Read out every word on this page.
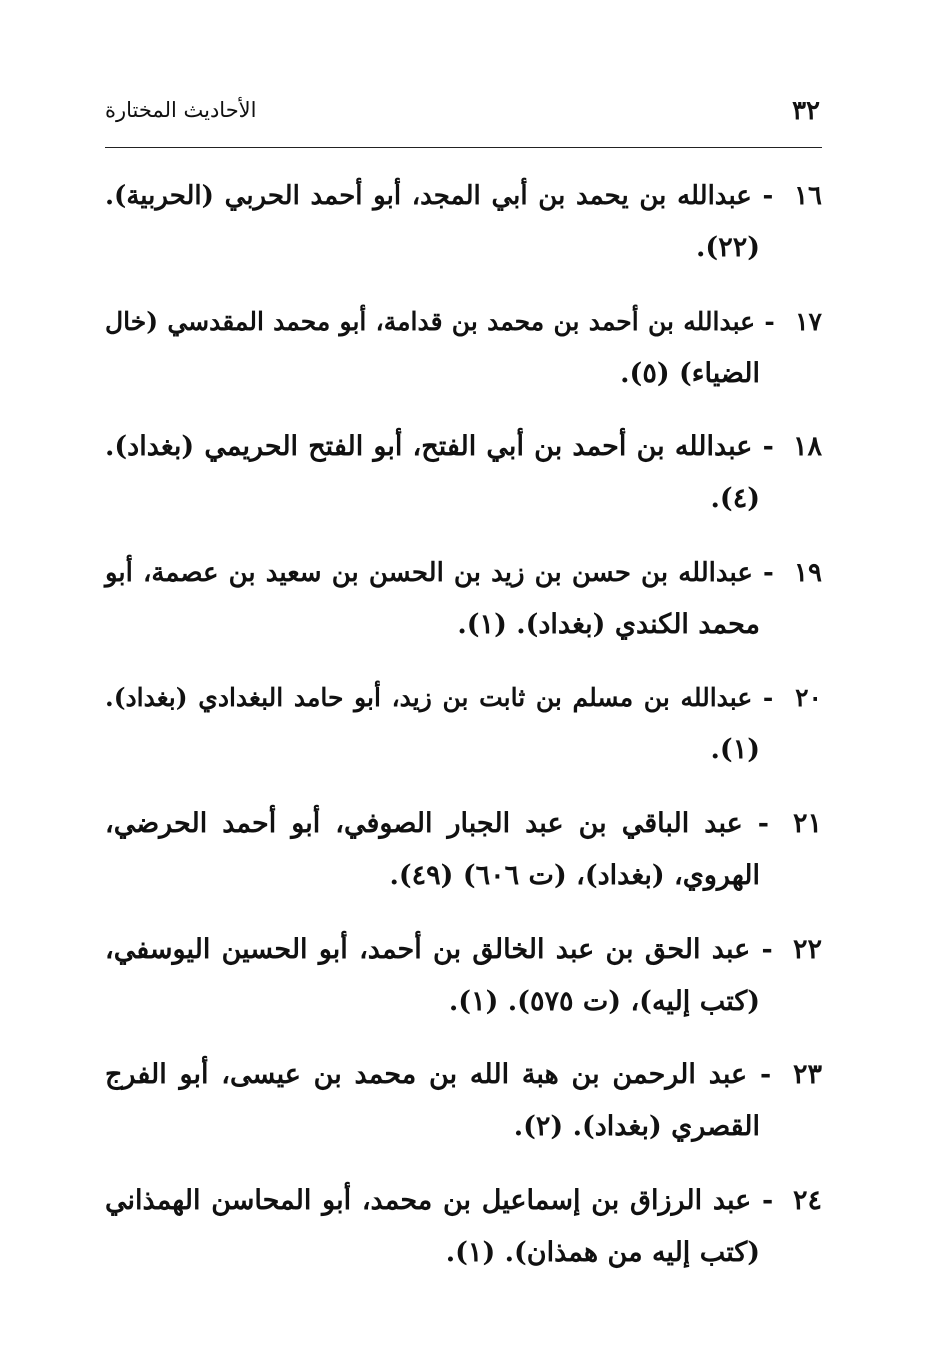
٣٢
الأحاديث المختارة
١٦ - عبدالله بن يحمد بن أبي المجد، أبو أحمد الحربي (الحربية).
(٢٢).
١٧ - عبدالله بن أحمد بن محمد بن قدامة، أبو محمد المقدسي (خال
الضياء) (٥).
١٨ - عبدالله بن أحمد بن أبي الفتح، أبو الفتح الحريمي (بغداد).
(٤).
١٩ - عبدالله بن حسن بن زيد بن الحسن بن سعيد بن عصمة، أبو
محمد الكندي (بغداد). (١).
٢٠ - عبدالله بن مسلم بن ثابت بن زيد، أبو حامد البغدادي (بغداد).
(١).
٢١ - عبد الباقي بن عبد الجبار الصوفي، أبو أحمد الحرضي،
الهروي، (بغداد)، (ت ٦٠٦) (٤٩).
٢٢ - عبد الحق بن عبد الخالق بن أحمد، أبو الحسين اليوسفي،
(كتب إليه)، (ت ٥٧٥). (١).
٢٣ - عبد الرحمن بن هبة الله بن محمد بن عيسى، أبو الفرج
القصري (بغداد). (٢).
٢٤ - عبد الرزاق بن إسماعيل بن محمد، أبو المحاسن الهمذاني
(كتب إليه من همذان). (١).
